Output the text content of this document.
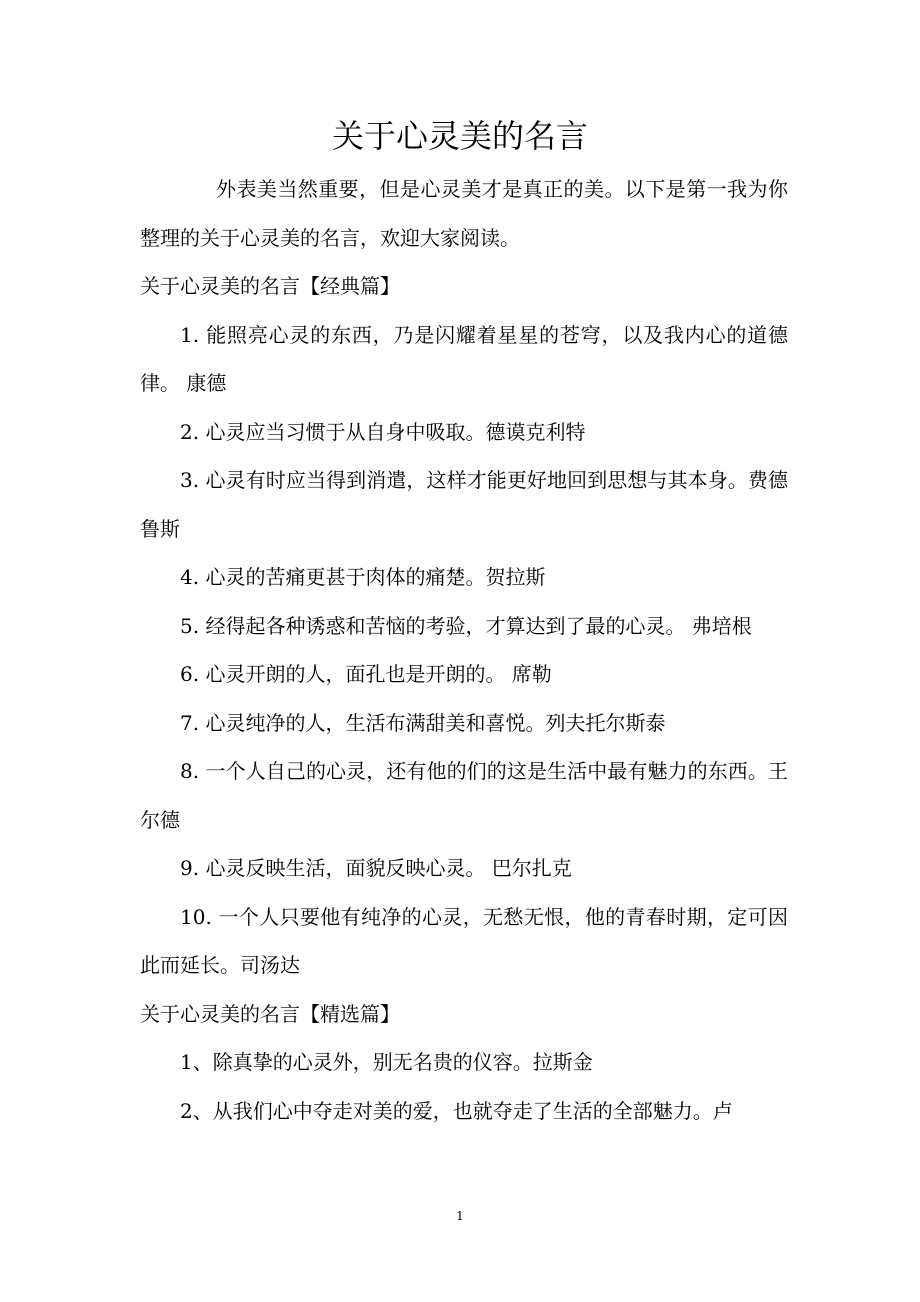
关于心灵美的名言

外表美当然重要，但是心灵美才是真正的美。以下是第一我为你整理的关于心灵美的名言，欢迎大家阅读。

关于心灵美的名言【经典篇】

1. 能照亮心灵的东西，乃是闪耀着星星的苍穹，以及我内心的道德律。 康德

2. 心灵应当习惯于从自身中吸取。德谟克利特

3. 心灵有时应当得到消遣，这样才能更好地回到思想与其本身。费德鲁斯

4. 心灵的苦痛更甚于肉体的痛楚。贺拉斯

5. 经得起各种诱惑和苦恼的考验，才算达到了最的心灵。 弗培根

6. 心灵开朗的人，面孔也是开朗的。 席勒

7. 心灵纯净的人，生活布满甜美和喜悦。列夫托尔斯泰

8. 一个人自己的心灵，还有他的们的这是生活中最有魅力的东西。王尔德

9. 心灵反映生活，面貌反映心灵。 巴尔扎克

10. 一个人只要他有纯净的心灵，无愁无恨，他的青春时期，定可因此而延长。司汤达

关于心灵美的名言【精选篇】

1、除真挚的心灵外，别无名贵的仪容。拉斯金

2、从我们心中夺走对美的爱，也就夺走了生活的全部魅力。卢

1
